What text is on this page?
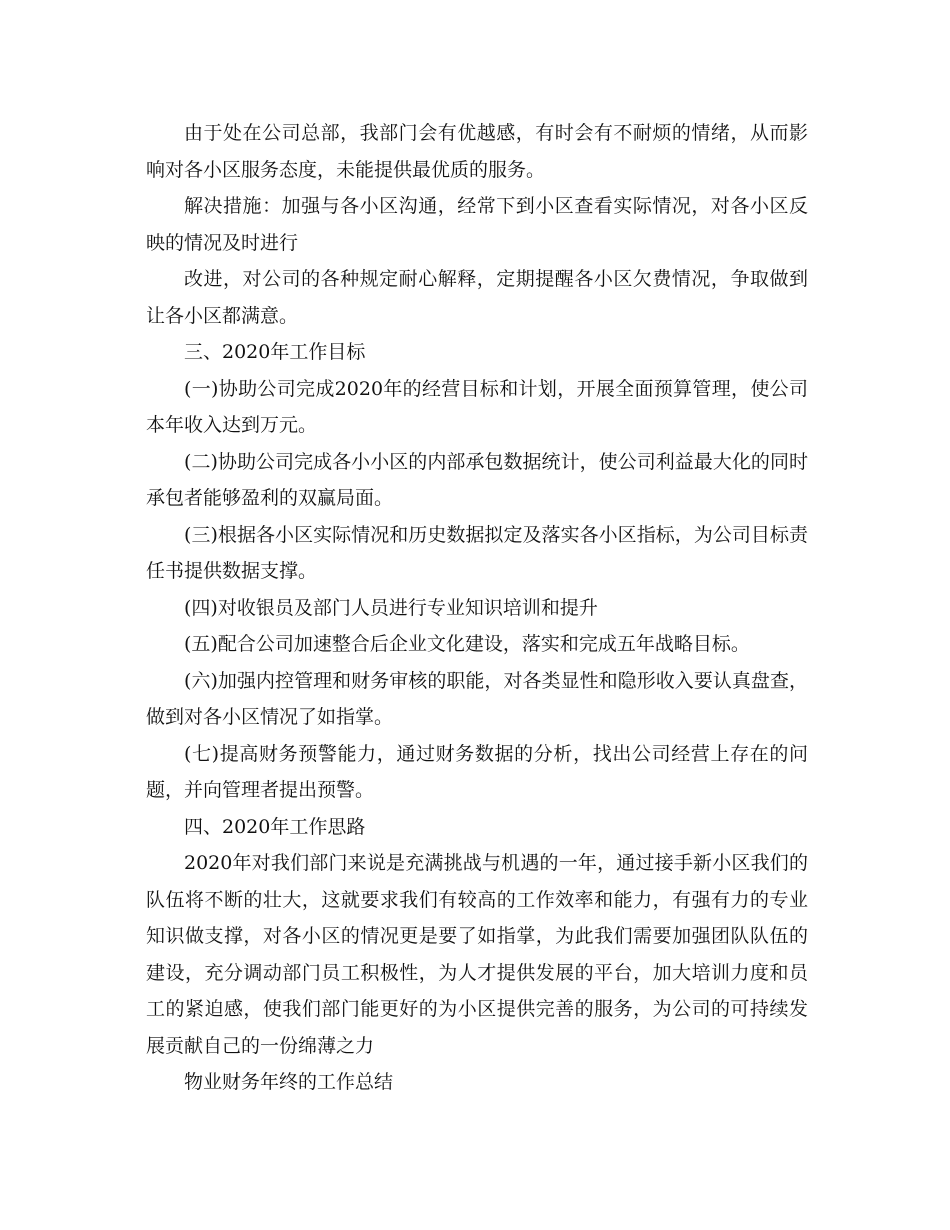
由于处在公司总部，我部门会有优越感，有时会有不耐烦的情绪，从而影响对各小区服务态度，未能提供最优质的服务。

解决措施：加强与各小区沟通，经常下到小区查看实际情况，对各小区反映的情况及时进行

改进，对公司的各种规定耐心解释，定期提醒各小区欠费情况，争取做到让各小区都满意。

三、2020年工作目标

(一)协助公司完成2020年的经营目标和计划，开展全面预算管理，使公司本年收入达到万元。

(二)协助公司完成各小小区的内部承包数据统计，使公司利益最大化的同时承包者能够盈利的双赢局面。

(三)根据各小区实际情况和历史数据拟定及落实各小区指标，为公司目标责任书提供数据支撑。

(四)对收银员及部门人员进行专业知识培训和提升

(五)配合公司加速整合后企业文化建设，落实和完成五年战略目标。

(六)加强内控管理和财务审核的职能，对各类显性和隐形收入要认真盘查，做到对各小区情况了如指掌。

(七)提高财务预警能力，通过财务数据的分析，找出公司经营上存在的问题，并向管理者提出预警。

四、2020年工作思路

2020年对我们部门来说是充满挑战与机遇的一年，通过接手新小区我们的队伍将不断的壮大，这就要求我们有较高的工作效率和能力，有强有力的专业知识做支撑，对各小区的情况更是要了如指掌，为此我们需要加强团队队伍的建设，充分调动部门员工积极性，为人才提供发展的平台，加大培训力度和员工的紧迫感，使我们部门能更好的为小区提供完善的服务，为公司的可持续发展贡献自己的一份绵薄之力

物业财务年终的工作总结
